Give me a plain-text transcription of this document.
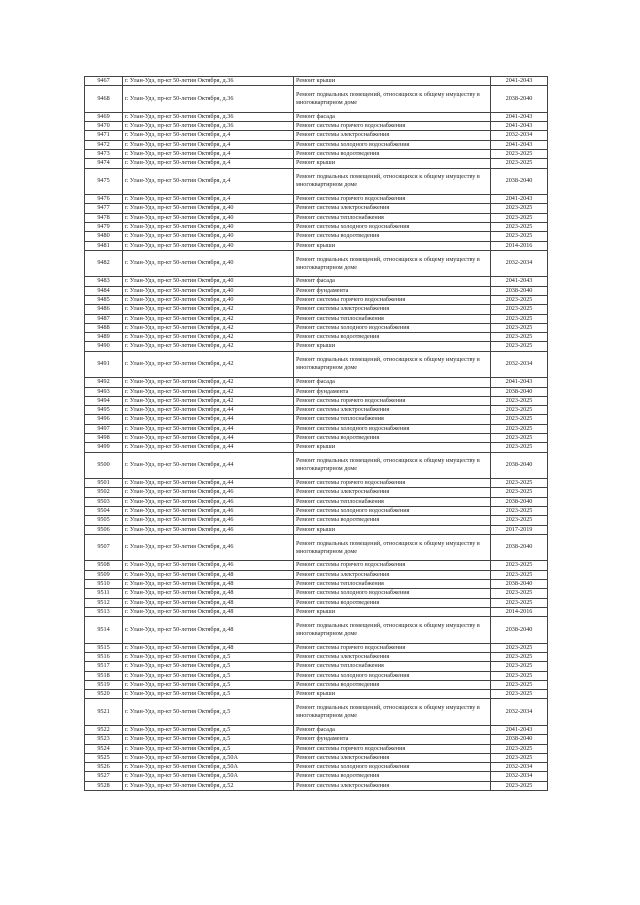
9467	г. Улан-Удэ, пр-кт 50-летия Октября, д.36	Ремонт крыши	2041-2043
9468	г. Улан-Удэ, пр-кт 50-летия Октября, д.36	Ремонт подвальных помещений, относящихся к общему имуществу в многоквартирном доме	2038-2040
9469	г. Улан-Удэ, пр-кт 50-летия Октября, д.36	Ремонт фасада	2041-2043
9470	г. Улан-Удэ, пр-кт 50-летия Октября, д.36	Ремонт системы горячего водоснабжения	2041-2043
9471	г. Улан-Удэ, пр-кт 50-летия Октября, д.4	Ремонт системы электроснабжения	2032-2034
9472	г. Улан-Удэ, пр-кт 50-летия Октября, д.4	Ремонт системы холодного водоснабжения	2041-2043
9473	г. Улан-Удэ, пр-кт 50-летия Октября, д.4	Ремонт системы водоотведения	2023-2025
9474	г. Улан-Удэ, пр-кт 50-летия Октября, д.4	Ремонт крыши	2023-2025
9475	г. Улан-Удэ, пр-кт 50-летия Октября, д.4	Ремонт подвальных помещений, относящихся к общему имуществу в многоквартирном доме	2038-2040
9476	г. Улан-Удэ, пр-кт 50-летия Октября, д.4	Ремонт системы горячего водоснабжения	2041-2043
9477	г. Улан-Удэ, пр-кт 50-летия Октября, д.40	Ремонт системы электроснабжения	2023-2025
9478	г. Улан-Удэ, пр-кт 50-летия Октября, д.40	Ремонт системы теплоснабжения	2023-2025
9479	г. Улан-Удэ, пр-кт 50-летия Октября, д.40	Ремонт системы холодного водоснабжения	2023-2025
9480	г. Улан-Удэ, пр-кт 50-летия Октября, д.40	Ремонт системы водоотведения	2023-2025
9481	г. Улан-Удэ, пр-кт 50-летия Октября, д.40	Ремонт крыши	2014-2016
9482	г. Улан-Удэ, пр-кт 50-летия Октября, д.40	Ремонт подвальных помещений, относящихся к общему имуществу в многоквартирном доме	2032-2034
9483	г. Улан-Удэ, пр-кт 50-летия Октября, д.40	Ремонт фасада	2041-2043
9484	г. Улан-Удэ, пр-кт 50-летия Октября, д.40	Ремонт фундамента	2038-2040
9485	г. Улан-Удэ, пр-кт 50-летия Октября, д.40	Ремонт системы горячего водоснабжения	2023-2025
9486	г. Улан-Удэ, пр-кт 50-летия Октября, д.42	Ремонт системы электроснабжения	2023-2025
9487	г. Улан-Удэ, пр-кт 50-летия Октября, д.42	Ремонт системы теплоснабжения	2023-2025
9488	г. Улан-Удэ, пр-кт 50-летия Октября, д.42	Ремонт системы холодного водоснабжения	2023-2025
9489	г. Улан-Удэ, пр-кт 50-летия Октября, д.42	Ремонт системы водоотведения	2023-2025
9490	г. Улан-Удэ, пр-кт 50-летия Октября, д.42	Ремонт крыши	2023-2025
9491	г. Улан-Удэ, пр-кт 50-летия Октября, д.42	Ремонт подвальных помещений, относящихся к общему имуществу в многоквартирном доме	2032-2034
9492	г. Улан-Удэ, пр-кт 50-летия Октября, д.42	Ремонт фасада	2041-2043
9493	г. Улан-Удэ, пр-кт 50-летия Октября, д.42	Ремонт фундамента	2038-2040
9494	г. Улан-Удэ, пр-кт 50-летия Октября, д.42	Ремонт системы горячего водоснабжения	2023-2025
9495	г. Улан-Удэ, пр-кт 50-летия Октября, д.44	Ремонт системы электроснабжения	2023-2025
9496	г. Улан-Удэ, пр-кт 50-летия Октября, д.44	Ремонт системы теплоснабжения	2023-2025
9497	г. Улан-Удэ, пр-кт 50-летия Октября, д.44	Ремонт системы холодного водоснабжения	2023-2025
9498	г. Улан-Удэ, пр-кт 50-летия Октября, д.44	Ремонт системы водоотведения	2023-2025
9499	г. Улан-Удэ, пр-кт 50-летия Октября, д.44	Ремонт крыши	2023-2025
9500	г. Улан-Удэ, пр-кт 50-летия Октября, д.44	Ремонт подвальных помещений, относящихся к общему имуществу в многоквартирном доме	2038-2040
9501	г. Улан-Удэ, пр-кт 50-летия Октября, д.44	Ремонт системы горячего водоснабжения	2023-2025
9502	г. Улан-Удэ, пр-кт 50-летия Октября, д.46	Ремонт системы электроснабжения	2023-2025
9503	г. Улан-Удэ, пр-кт 50-летия Октября, д.46	Ремонт системы теплоснабжения	2038-2040
9504	г. Улан-Удэ, пр-кт 50-летия Октября, д.46	Ремонт системы холодного водоснабжения	2023-2025
9505	г. Улан-Удэ, пр-кт 50-летия Октября, д.46	Ремонт системы водоотведения	2023-2025
9506	г. Улан-Удэ, пр-кт 50-летия Октября, д.46	Ремонт крыши	2017-2019
9507	г. Улан-Удэ, пр-кт 50-летия Октября, д.46	Ремонт подвальных помещений, относящихся к общему имуществу в многоквартирном доме	2038-2040
9508	г. Улан-Удэ, пр-кт 50-летия Октября, д.46	Ремонт системы горячего водоснабжения	2023-2025
9509	г. Улан-Удэ, пр-кт 50-летия Октября, д.48	Ремонт системы электроснабжения	2023-2025
9510	г. Улан-Удэ, пр-кт 50-летия Октября, д.48	Ремонт системы теплоснабжения	2038-2040
9511	г. Улан-Удэ, пр-кт 50-летия Октября, д.48	Ремонт системы холодного водоснабжения	2023-2025
9512	г. Улан-Удэ, пр-кт 50-летия Октября, д.48	Ремонт системы водоотведения	2023-2025
9513	г. Улан-Удэ, пр-кт 50-летия Октября, д.48	Ремонт крыши	2014-2016
9514	г. Улан-Удэ, пр-кт 50-летия Октября, д.48	Ремонт подвальных помещений, относящихся к общему имуществу в многоквартирном доме	2038-2040
9515	г. Улан-Удэ, пр-кт 50-летия Октября, д.48	Ремонт системы горячего водоснабжения	2023-2025
9516	г. Улан-Удэ, пр-кт 50-летия Октября, д.5	Ремонт системы электроснабжения	2023-2025
9517	г. Улан-Удэ, пр-кт 50-летия Октября, д.5	Ремонт системы теплоснабжения	2023-2025
9518	г. Улан-Удэ, пр-кт 50-летия Октября, д.5	Ремонт системы холодного водоснабжения	2023-2025
9519	г. Улан-Удэ, пр-кт 50-летия Октября, д.5	Ремонт системы водоотведения	2023-2025
9520	г. Улан-Удэ, пр-кт 50-летия Октября, д.5	Ремонт крыши	2023-2025
9521	г. Улан-Удэ, пр-кт 50-летия Октября, д.5	Ремонт подвальных помещений, относящихся к общему имуществу в многоквартирном доме	2032-2034
9522	г. Улан-Удэ, пр-кт 50-летия Октября, д.5	Ремонт фасада	2041-2043
9523	г. Улан-Удэ, пр-кт 50-летия Октября, д.5	Ремонт фундамента	2038-2040
9524	г. Улан-Удэ, пр-кт 50-летия Октября, д.5	Ремонт системы горячего водоснабжения	2023-2025
9525	г. Улан-Удэ, пр-кт 50-летия Октября, д.50А	Ремонт системы электроснабжения	2023-2025
9526	г. Улан-Удэ, пр-кт 50-летия Октября, д.50А	Ремонт системы холодного водоснабжения	2032-2034
9527	г. Улан-Удэ, пр-кт 50-летия Октября, д.50А	Ремонт системы водоотведения	2032-2034
9528	г. Улан-Удэ, пр-кт 50-летия Октября, д.52	Ремонт системы электроснабжения	2023-2025
